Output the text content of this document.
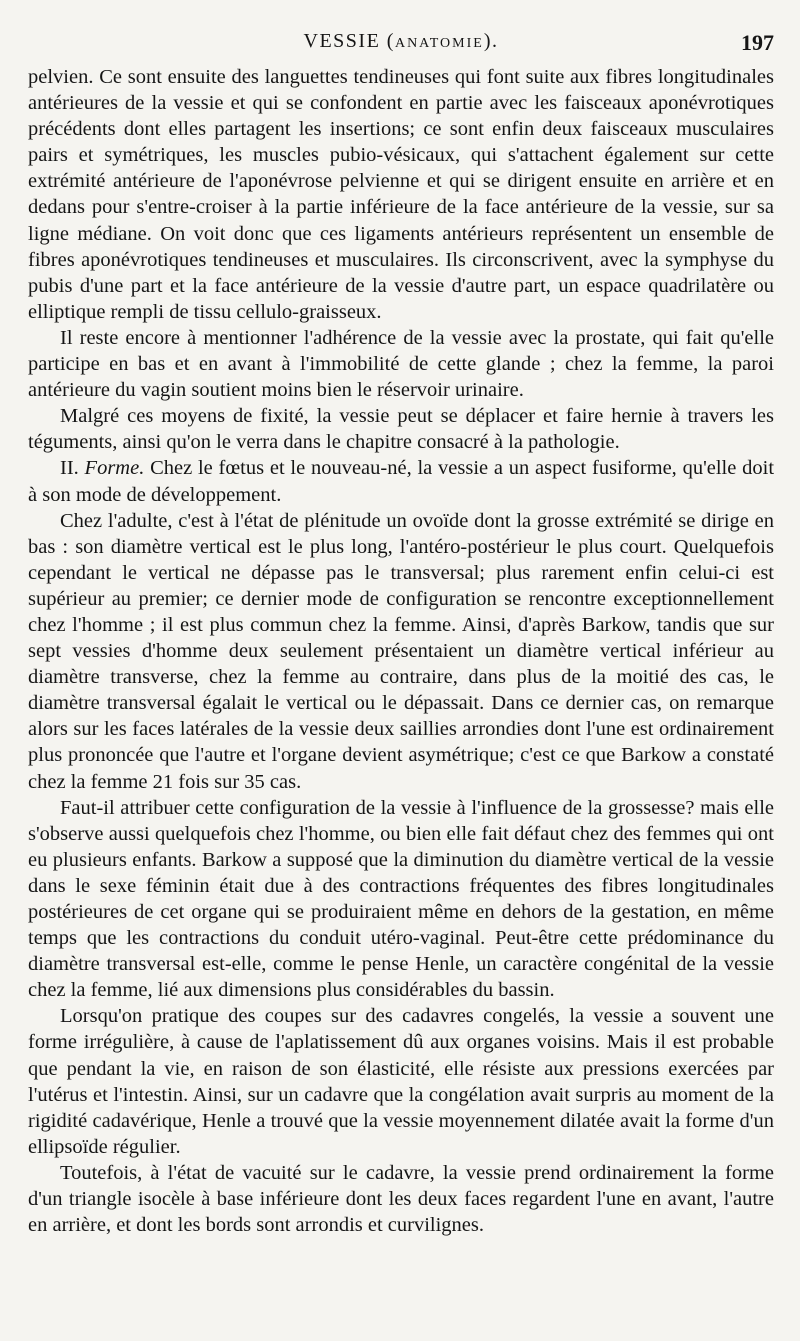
VESSIE (ANATOMIE).	197

pelvien. Ce sont ensuite des languettes tendineuses qui font suite aux fibres longitudinales antérieures de la vessie et qui se confondent en partie avec les faisceaux aponévrotiques précédents dont elles partagent les insertions; ce sont enfin deux faisceaux musculaires pairs et symétriques, les muscles pubio-vésicaux, qui s'attachent également sur cette extrémité antérieure de l'aponévrose pelvienne et qui se dirigent ensuite en arrière et en dedans pour s'entre-croiser à la partie inférieure de la face antérieure de la vessie, sur sa ligne médiane. On voit donc que ces ligaments antérieurs représentent un ensemble de fibres aponévrotiques tendineuses et musculaires. Ils circonscrivent, avec la symphyse du pubis d'une part et la face antérieure de la vessie d'autre part, un espace quadrilatère ou elliptique rempli de tissu cellulo-graisseux.

Il reste encore à mentionner l'adhérence de la vessie avec la prostate, qui fait qu'elle participe en bas et en avant à l'immobilité de cette glande ; chez la femme, la paroi antérieure du vagin soutient moins bien le réservoir urinaire.

Malgré ces moyens de fixité, la vessie peut se déplacer et faire hernie à travers les téguments, ainsi qu'on le verra dans le chapitre consacré à la pathologie.

II. Forme. Chez le fœtus et le nouveau-né, la vessie a un aspect fusiforme, qu'elle doit à son mode de développement.

Chez l'adulte, c'est à l'état de plénitude un ovoïde dont la grosse extrémité se dirige en bas : son diamètre vertical est le plus long, l'antéro-postérieur le plus court. Quelquefois cependant le vertical ne dépasse pas le transversal; plus rarement enfin celui-ci est supérieur au premier; ce dernier mode de configuration se rencontre exceptionnellement chez l'homme ; il est plus commun chez la femme. Ainsi, d'après Barkow, tandis que sur sept vessies d'homme deux seulement présentaient un diamètre vertical inférieur au diamètre transverse, chez la femme au contraire, dans plus de la moitié des cas, le diamètre transversal égalait le vertical ou le dépassait. Dans ce dernier cas, on remarque alors sur les faces latérales de la vessie deux saillies arrondies dont l'une est ordinairement plus prononcée que l'autre et l'organe devient asymétrique; c'est ce que Barkow a constaté chez la femme 21 fois sur 35 cas.

Faut-il attribuer cette configuration de la vessie à l'influence de la grossesse? mais elle s'observe aussi quelquefois chez l'homme, ou bien elle fait défaut chez des femmes qui ont eu plusieurs enfants. Barkow a supposé que la diminution du diamètre vertical de la vessie dans le sexe féminin était due à des contractions fréquentes des fibres longitudinales postérieures de cet organe qui se produiraient même en dehors de la gestation, en même temps que les contractions du conduit utéro-vaginal. Peut-être cette prédominance du diamètre transversal est-elle, comme le pense Henle, un caractère congénital de la vessie chez la femme, lié aux dimensions plus considérables du bassin.

Lorsqu'on pratique des coupes sur des cadavres congelés, la vessie a souvent une forme irrégulière, à cause de l'aplatissement dû aux organes voisins. Mais il est probable que pendant la vie, en raison de son élasticité, elle résiste aux pressions exercées par l'utérus et l'intestin. Ainsi, sur un cadavre que la congélation avait surpris au moment de la rigidité cadavérique, Henle a trouvé que la vessie moyennement dilatée avait la forme d'un ellipsoïde régulier.

Toutefois, à l'état de vacuité sur le cadavre, la vessie prend ordinairement la forme d'un triangle isocèle à base inférieure dont les deux faces regardent l'une en avant, l'autre en arrière, et dont les bords sont arrondis et curvilignes.
